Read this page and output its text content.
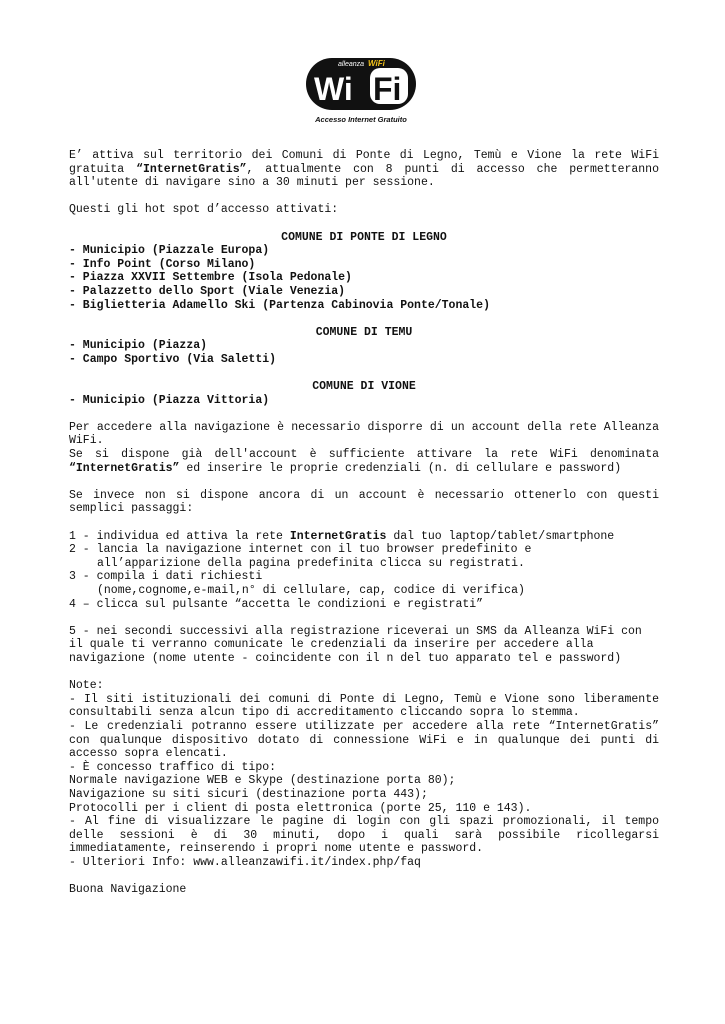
alleanza WiFi
Wi Fi
Accesso Internet Gratuito

E’ attiva sul territorio dei Comuni di Ponte di Legno, Temù e Vione la rete WiFi gratuita “InternetGratis”, attualmente con 8 punti di accesso che permetteranno all'utente di navigare sino a 30 minuti per sessione.

Questi gli hot spot d’accesso attivati:

COMUNE DI PONTE DI LEGNO

- Municipio (Piazzale Europa)
- Info Point (Corso Milano)
- Piazza XXVII Settembre (Isola Pedonale)
- Palazzetto dello Sport (Viale Venezia)
- Biglietteria Adamello Ski (Partenza Cabinovia Ponte/Tonale)

COMUNE DI TEMU

- Municipio (Piazza)
- Campo Sportivo (Via Saletti)

COMUNE DI VIONE

- Municipio (Piazza Vittoria)

Per accedere alla navigazione è necessario disporre di un account della rete Alleanza WiFi.

Se si dispone già dell'account è sufficiente attivare la rete WiFi denominata “InternetGratis” ed inserire le proprie credenziali (n. di cellulare e password)

Se invece non si dispone ancora di un account è necessario ottenerlo con questi semplici passaggi:

1 - individua ed attiva la rete InternetGratis dal tuo laptop/tablet/smartphone

2 - lancia la navigazione internet con il tuo browser predefinito e

all’apparizione della pagina predefinita clicca su registrati.

3 - compila i dati richiesti

(nome,cognome,e-mail,n° di cellulare, cap, codice di verifica)

4 – clicca sul pulsante “accetta le condizioni e registrati”

5 - nei secondi successivi alla registrazione riceverai un SMS da Alleanza WiFi con il quale ti verranno comunicate le credenziali da inserire per accedere alla navigazione (nome utente - coincidente con il n del tuo apparato tel e password)

Note:

- Il siti istituzionali dei comuni di Ponte di Legno, Temù e Vione sono liberamente consultabili senza alcun tipo di accreditamento cliccando sopra lo stemma.

- Le credenziali potranno essere utilizzate per accedere alla rete “InternetGratis” con qualunque dispositivo dotato di connessione WiFi e in qualunque dei punti di accesso sopra elencati.

- È concesso traffico di tipo:

Normale navigazione WEB e Skype (destinazione porta 80);

Navigazione su siti sicuri (destinazione porta 443);

Protocolli per i client di posta elettronica (porte 25, 110 e 143).

- Al fine di visualizzare le pagine di login con gli spazi promozionali, il tempo delle sessioni è di 30 minuti, dopo i quali sarà possibile ricollegarsi immediatamente, reinserendo i propri nome utente e password.

- Ulteriori Info: www.alleanzawifi.it/index.php/faq

Buona Navigazione
